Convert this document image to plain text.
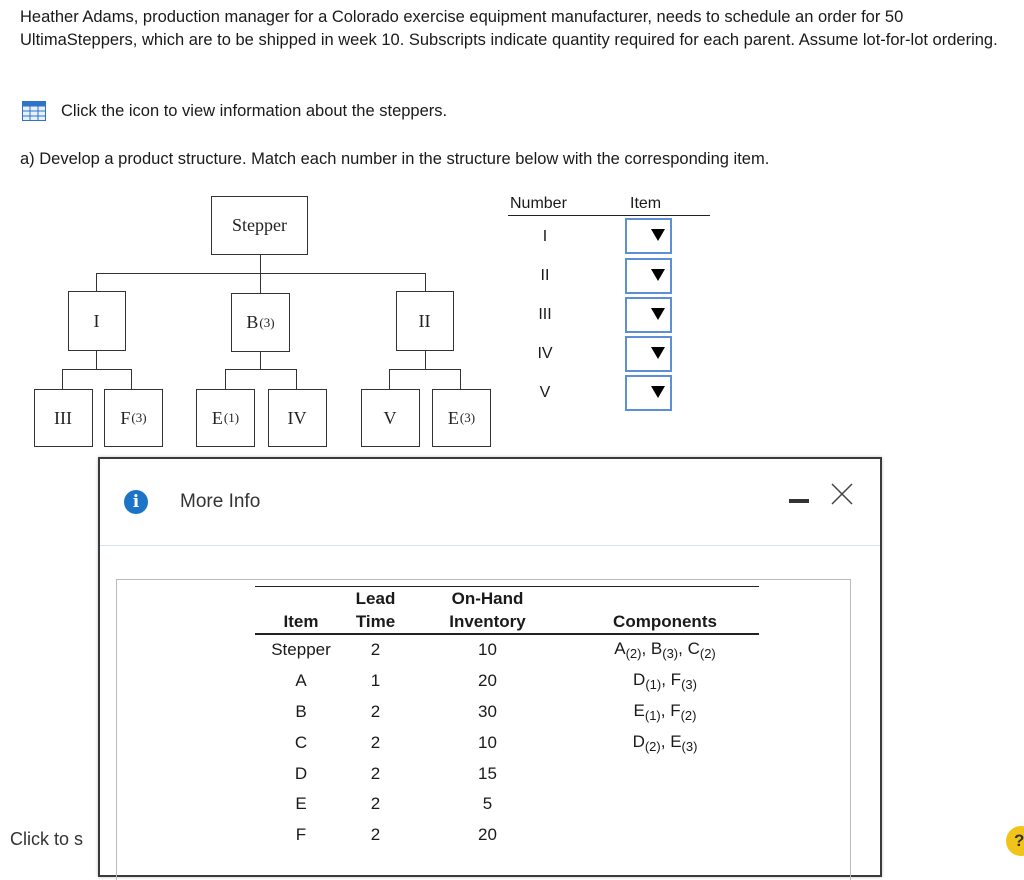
Heather Adams, production manager for a Colorado exercise equipment manufacturer, needs to schedule an order for 50 UltimaSteppers, which are to be shipped in week 10. Subscripts indicate quantity required for each parent. Assume lot-for-lot ordering.

Click the icon to view information about the steppers.
a) Develop a product structure. Match each number in the structure below with the corresponding item.
Stepper
I	B (3)	II
III	F (3)	E (1)	IV	V	E (3)
Number	Item
I
II
III
IV
V
Click to s	?
i	More Info
	Lead	On-Hand	
Item	Time	Inventory	Components
Stepper	2	10	$A_{(2)}$, $B_{(3)}$, $C_{(2)}$
A	1	20	$D_{(1)}$, $F_{(3)}$
B	2	30	$E_{(1)}$, $F_{(2)}$
C	2	10	$D_{(2)}$, $E_{(3)}$
D	2	15	
E	2	5	
F	2	20	
